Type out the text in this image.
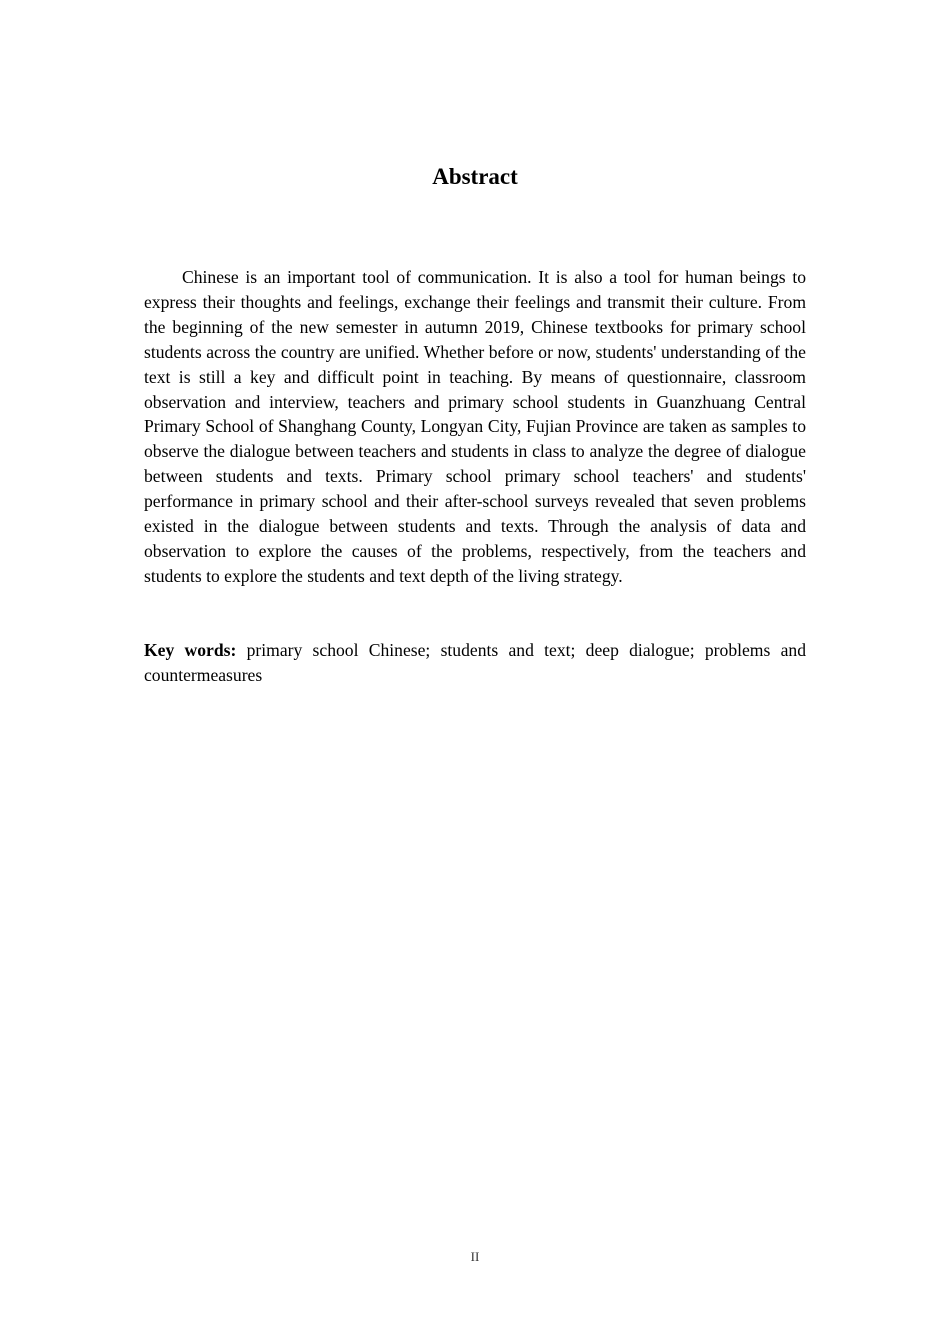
Abstract

Chinese is an important tool of communication. It is also a tool for human beings to express their thoughts and feelings, exchange their feelings and transmit their culture. From the beginning of the new semester in autumn 2019, Chinese textbooks for primary school students across the country are unified. Whether before or now, students' understanding of the text is still a key and difficult point in teaching. By means of questionnaire, classroom observation and interview, teachers and primary school students in Guanzhuang Central Primary School of Shanghang County, Longyan City, Fujian Province are taken as samples to observe the dialogue between teachers and students in class to analyze the degree of dialogue between students and texts. Primary school primary school teachers' and students' performance in primary school and their after-school surveys revealed that seven problems existed in the dialogue between students and texts. Through the analysis of data and observation to explore the causes of the problems, respectively, from the teachers and students to explore the students and text depth of the living strategy.

Key words: primary school Chinese; students and text; deep dialogue; problems and countermeasures

II
